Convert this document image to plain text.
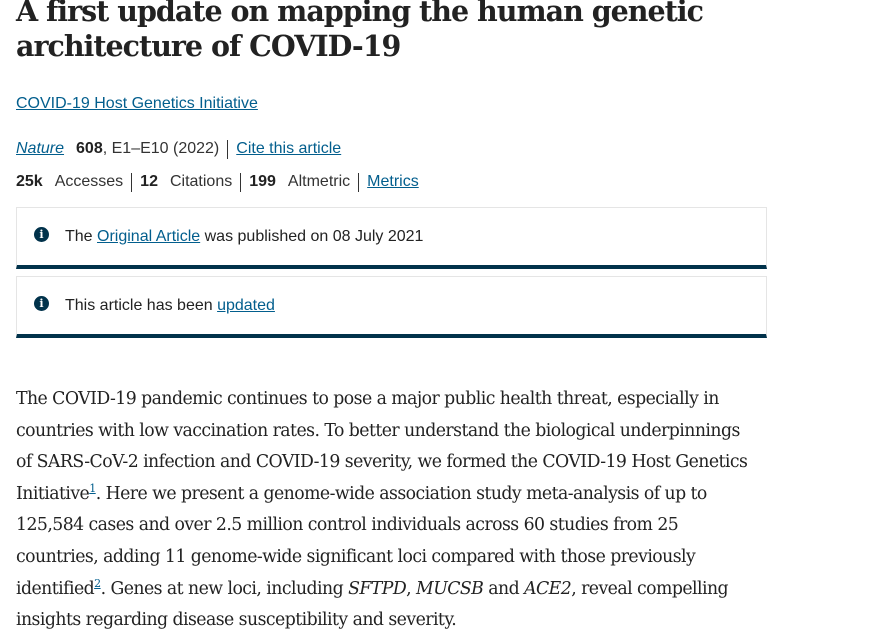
A first update on mapping the human genetic architecture of COVID-19
COVID-19 Host Genetics Initiative
Nature 608 , E1–E10 (2022) Cite this article
25k Accesses 12 Citations 199 Altmetric Metrics
i	The Original Article was published on 08 July 2021
i	This article has been updated

The COVID-19 pandemic continues to pose a major public health threat, especially in countries with low vaccination rates. To better understand the biological underpinnings of SARS-CoV-2 infection and COVID-19 severity, we formed the COVID-19 Host Genetics Initiative$^1$. Here we present a genome-wide association study meta-analysis of up to 125,584 cases and over 2.5 million control individuals across 60 studies from 25 countries, adding 11 genome-wide significant loci compared with those previously identified$^2$. Genes at new loci, including SFTPD, MUCSB and ACE2, reveal compelling insights regarding disease susceptibility and severity.
